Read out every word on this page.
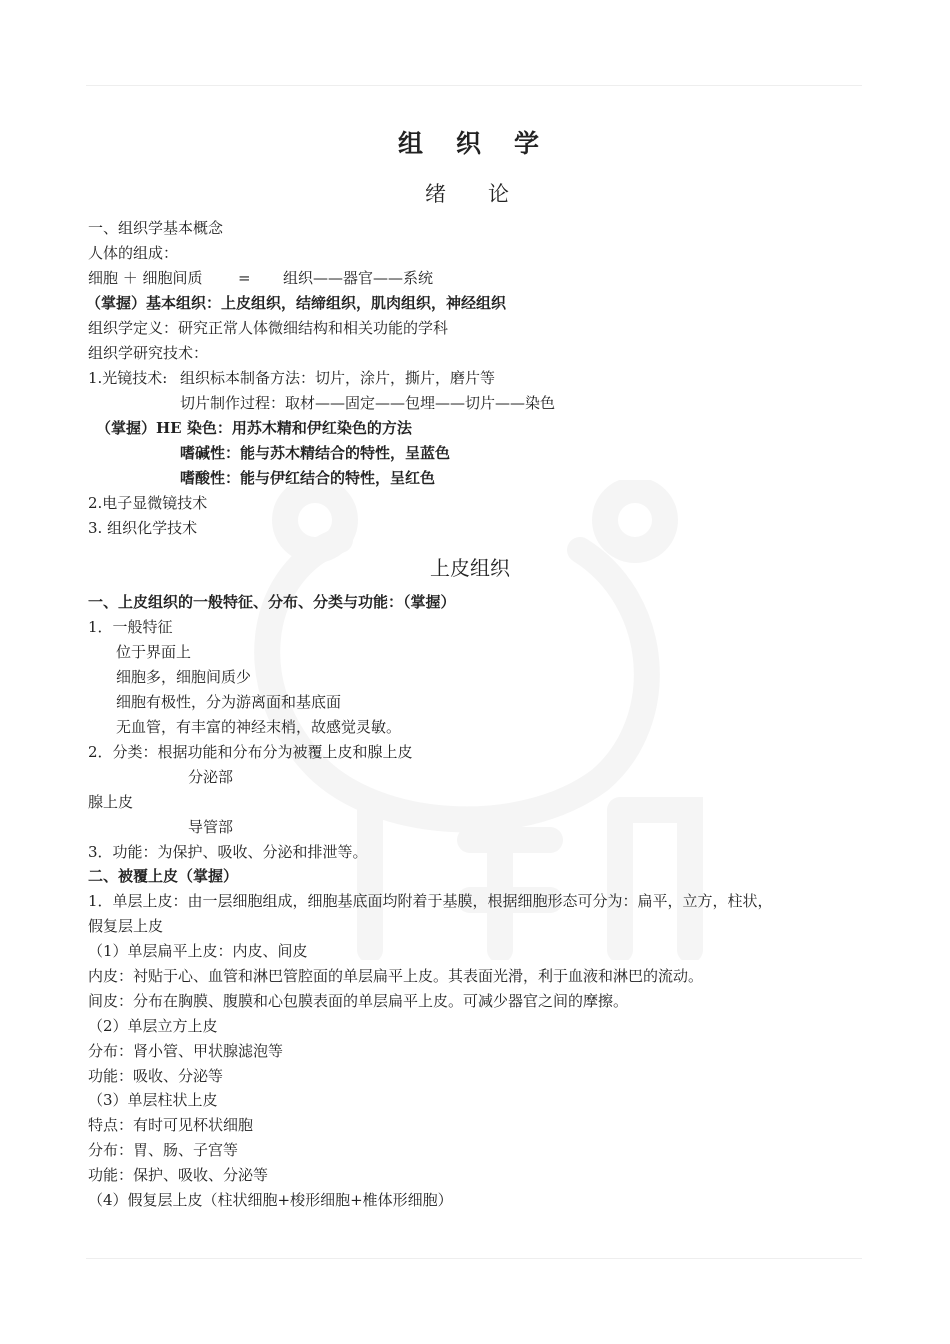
组　织　学
绪　　论
一、组织学基本概念
人体的组成：
细胞 ＋ 细胞间质 = 组织——器官——系统
（掌握）基本组织：上皮组织，结缔组织，肌肉组织，神经组织
组织学定义：研究正常人体微细结构和相关功能的学科
组织学研究技术：
1.光镜技术: 组织标本制备方法：切片，涂片，撕片，磨片等
切片制作过程：取材——固定——包埋——切片——染色
（掌握）HE 染色：用苏木精和伊红染色的方法
嗜碱性：能与苏木精结合的特性，呈蓝色
嗜酸性：能与伊红结合的特性，呈红色
2.电子显微镜技术
3. 组织化学技术
上皮组织
一、上皮组织的一般特征、分布、分类与功能：（掌握）
1．一般特征
位于界面上
细胞多，细胞间质少
细胞有极性，分为游离面和基底面
无血管，有丰富的神经末梢，故感觉灵敏。
2．分类：根据功能和分布分为被覆上皮和腺上皮
分泌部
腺上皮
导管部
3．功能：为保护、吸收、分泌和排泄等。
二、被覆上皮（掌握）
1．单层上皮：由一层细胞组成，细胞基底面均附着于基膜，根据细胞形态可分为：扁平，立方，柱状，
假复层上皮
（1）单层扁平上皮：内皮、间皮
内皮：衬贴于心、血管和淋巴管腔面的单层扁平上皮。其表面光滑，利于血液和淋巴的流动。
间皮：分布在胸膜、腹膜和心包膜表面的单层扁平上皮。可减少器官之间的摩擦。
（2）单层立方上皮
分布：肾小管、甲状腺滤泡等
功能：吸收、分泌等
（3）单层柱状上皮
特点：有时可见杯状细胞
分布：胃、肠、子宫等
功能：保护、吸收、分泌等
（4）假复层上皮（柱状细胞+梭形细胞+椎体形细胞）
